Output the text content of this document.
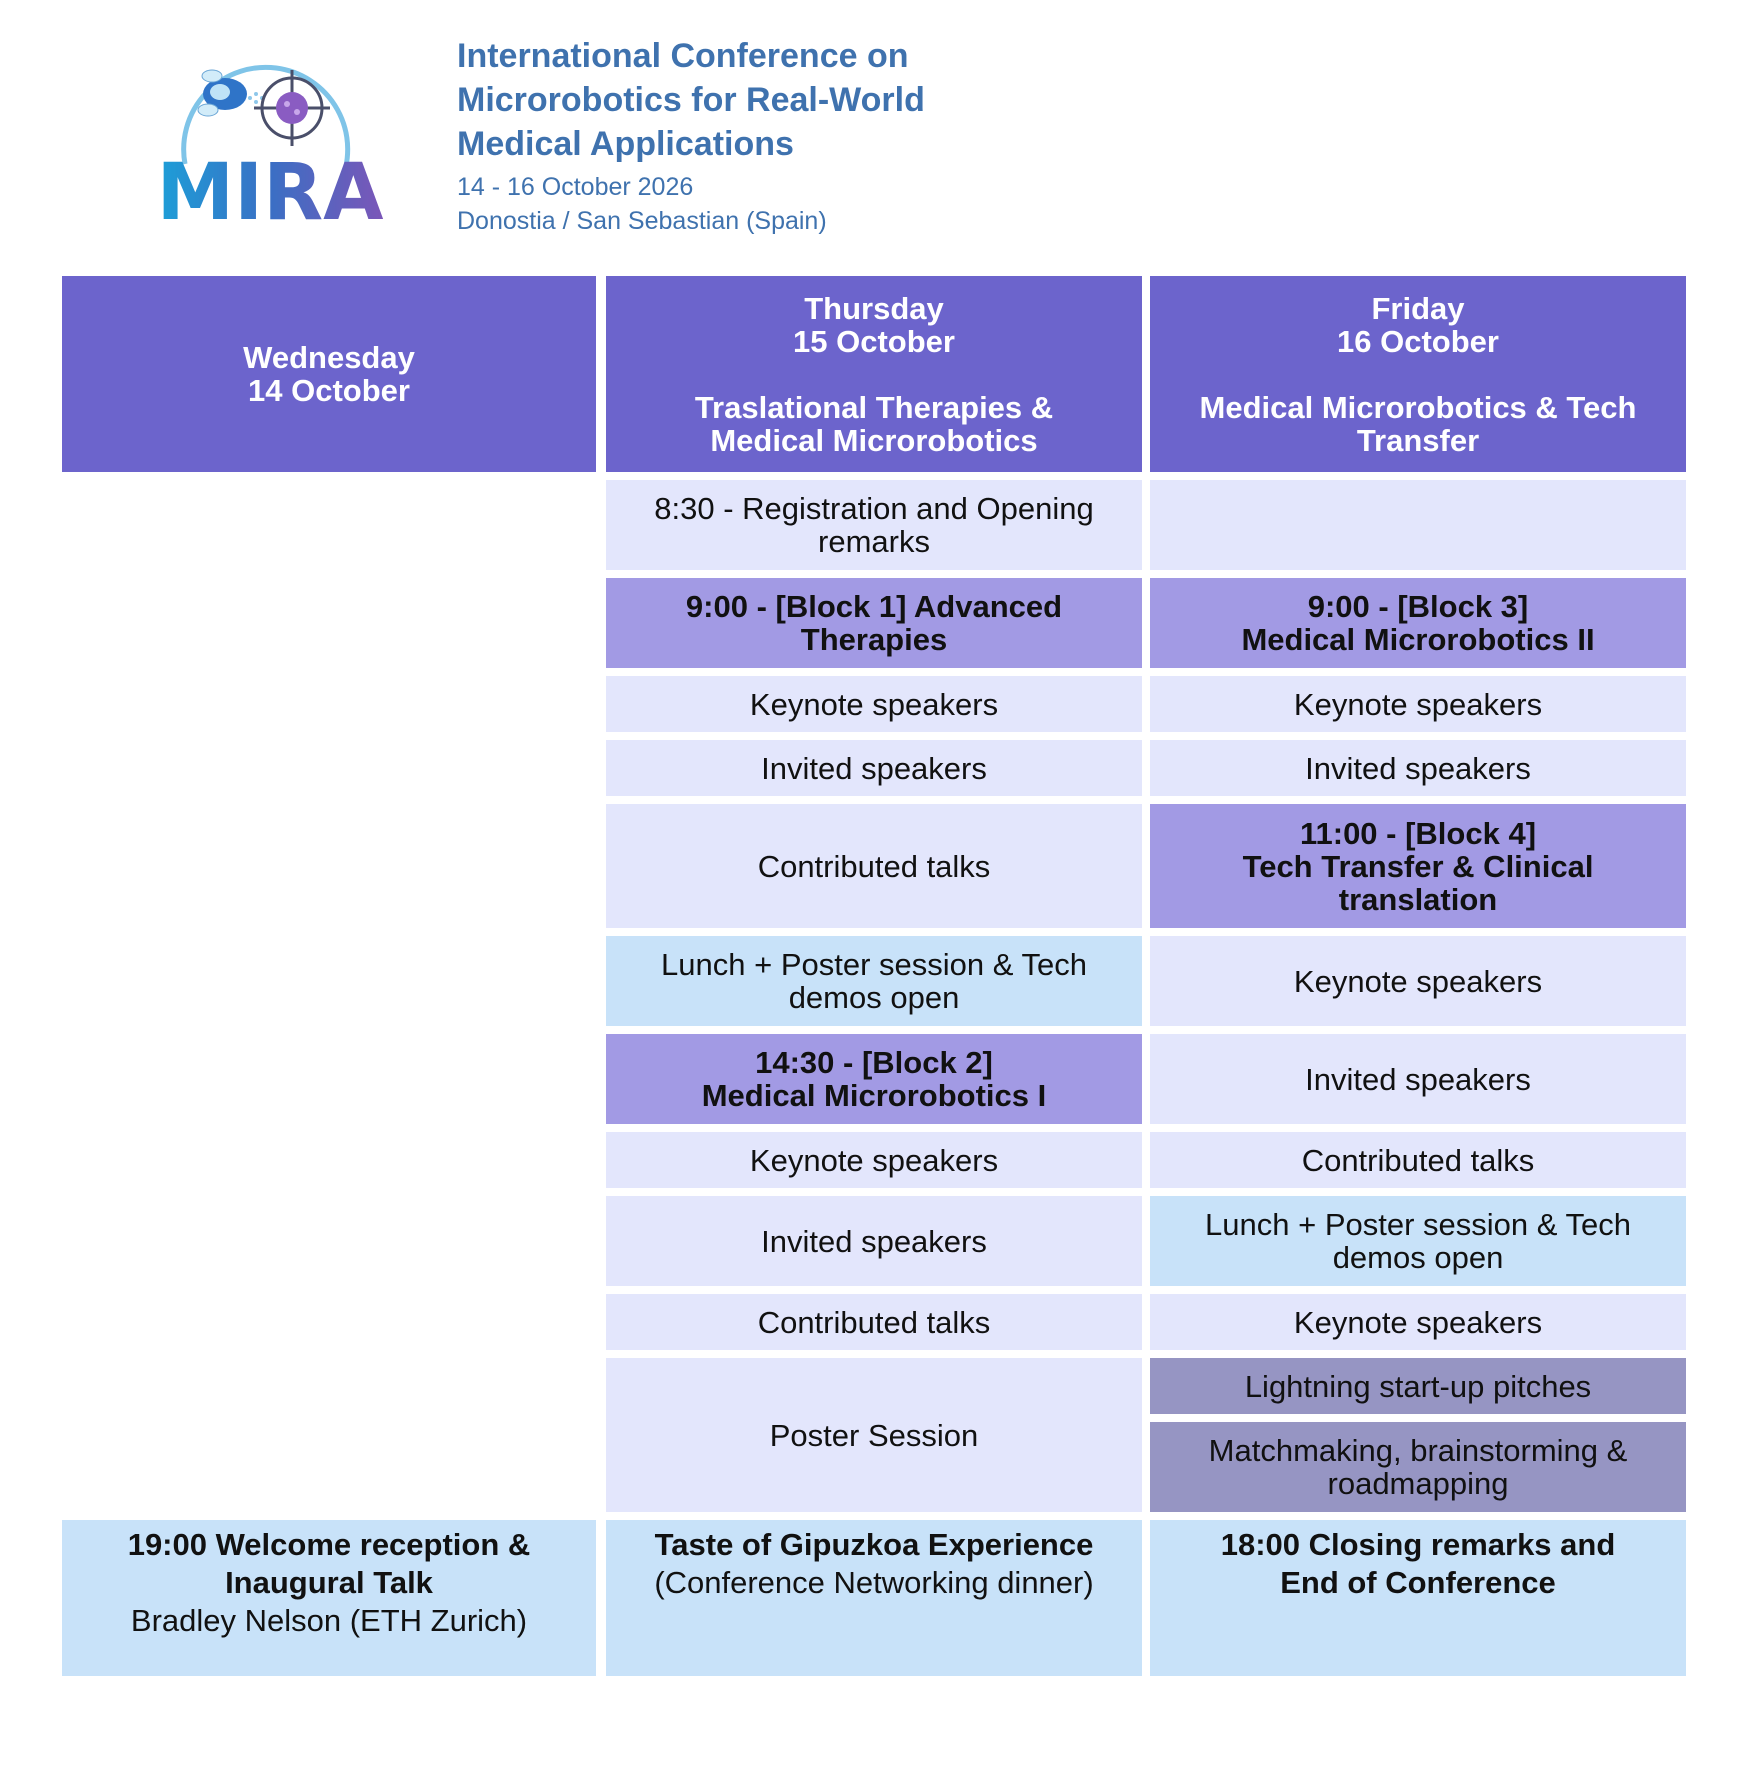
MIRA
International Conference on
Microrobotics for Real-World
Medical Applications
14 - 16 October 2026
Donostia / San Sebastian (Spain)
Wednesday
14 October
Thursday
15 October
Traslational Therapies &
Medical Microrobotics
Friday
16 October
Medical Microrobotics & Tech
Transfer
8:30 - Registration and Opening
remarks
9:00 - [Block 1] Advanced
Therapies
Keynote speakers
Invited speakers
Contributed talks
Lunch + Poster session & Tech
demos open
14:30 - [Block 2]
Medical Microrobotics I
Keynote speakers
Invited speakers
Contributed talks
Poster Session
9:00 - [Block 3]
Medical Microrobotics II
Keynote speakers
Invited speakers
11:00 - [Block 4]
Tech Transfer & Clinical
translation
Keynote speakers
Invited speakers
Contributed talks
Lunch + Poster session & Tech
demos open
Keynote speakers
Lightning start-up pitches
Matchmaking, brainstorming &
roadmapping
19:00 Welcome reception &
Inaugural Talk
Bradley Nelson (ETH Zurich)
Taste of Gipuzkoa Experience
(Conference Networking dinner)
18:00 Closing remarks and
End of Conference
